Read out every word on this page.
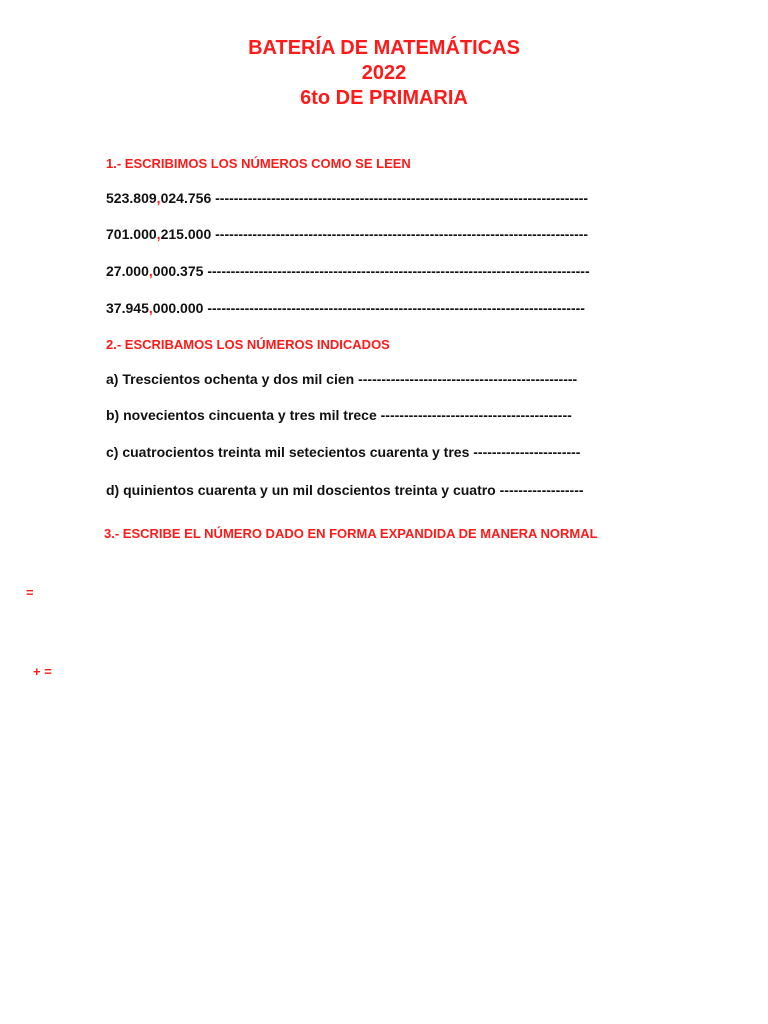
BATERÍA DE MATEMÁTICAS
2022
6to DE PRIMARIA
1.- ESCRIBIMOS LOS NÚMEROS COMO SE LEEN
523.809,024.756 --------------------------------------------------------------------------------
701.000,215.000 --------------------------------------------------------------------------------
27.000,000.375 ----------------------------------------------------------------------------------
37.945,000.000 ---------------------------------------------------------------------------------
2.- ESCRIBAMOS LOS NÚMEROS INDICADOS
a) Trescientos ochenta y dos mil cien -----------------------------------------------
b) novecientos cincuenta y tres mil trece -----------------------------------------
c) cuatrocientos treinta mil setecientos cuarenta y tres -----------------------
d) quinientos cuarenta y un mil doscientos treinta y cuatro ------------------
3.- ESCRIBE EL NÚMERO DADO EN FORMA EXPANDIDA DE MANERA NORMAL
=
+ =
